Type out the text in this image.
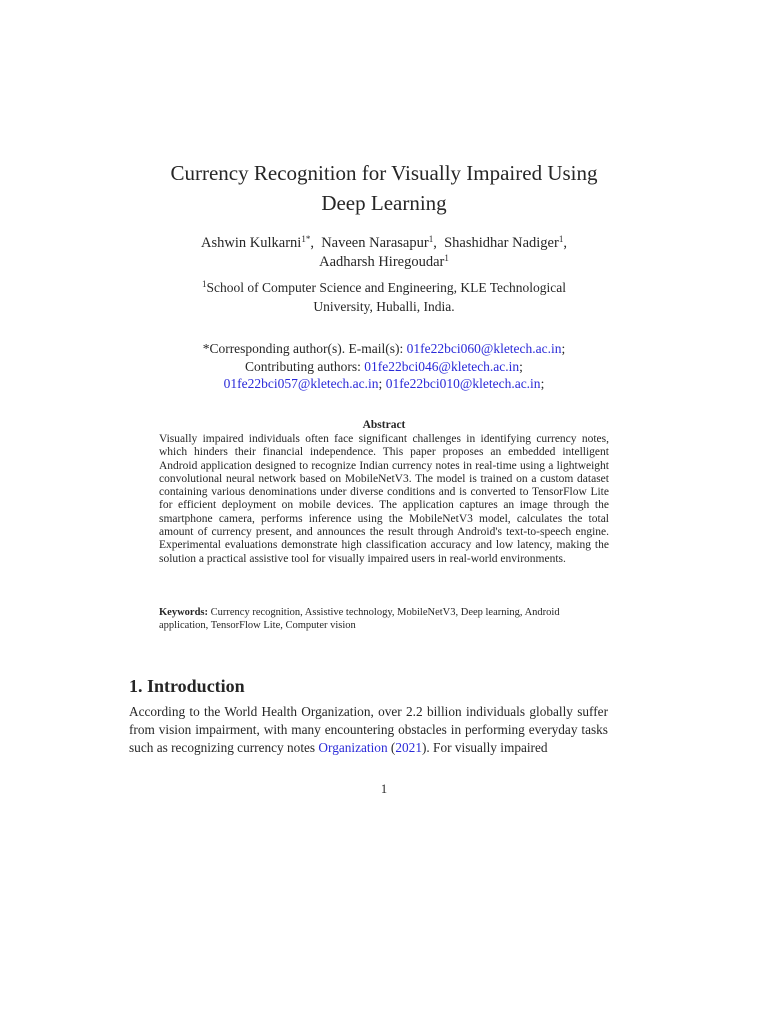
Currency Recognition for Visually Impaired Using
Deep Learning
Ashwin Kulkarni$^{1*}$,  Naveen Narasapur$^1$,  Shashidhar Nadiger$^1$,
Aadharsh Hiregoudar$^1$
$^1$School of Computer Science and Engineering, KLE Technological
University, Huballi, India.
*Corresponding author(s). E-mail(s): 01fe22bci060@kletech.ac.in;
Contributing authors: 01fe22bci046@kletech.ac.in;
01fe22bci057@kletech.ac.in; 01fe22bci010@kletech.ac.in;
Abstract
Visually impaired individuals often face significant challenges in identifying currency notes, which hinders their financial independence. This paper proposes an embedded intelligent Android application designed to recognize Indian currency notes in real-time using a lightweight convolutional neural network based on MobileNetV3. The model is trained on a custom dataset containing various denominations under diverse conditions and is converted to TensorFlow Lite for efficient deployment on mobile devices. The application captures an image through the smartphone camera, performs inference using the MobileNetV3 model, calculates the total amount of currency present, and announces the result through Android's text-to-speech engine. Experimental evaluations demonstrate high classification accuracy and low latency, making the solution a practical assistive tool for visually impaired users in real-world environments.
Keywords: Currency recognition, Assistive technology, MobileNetV3, Deep learning, Android application, TensorFlow Lite, Computer vision
1. Introduction
According to the World Health Organization, over 2.2 billion individuals globally suffer from vision impairment, with many encountering obstacles in performing everyday tasks such as recognizing currency notes Organization (2021). For visually impaired
1
